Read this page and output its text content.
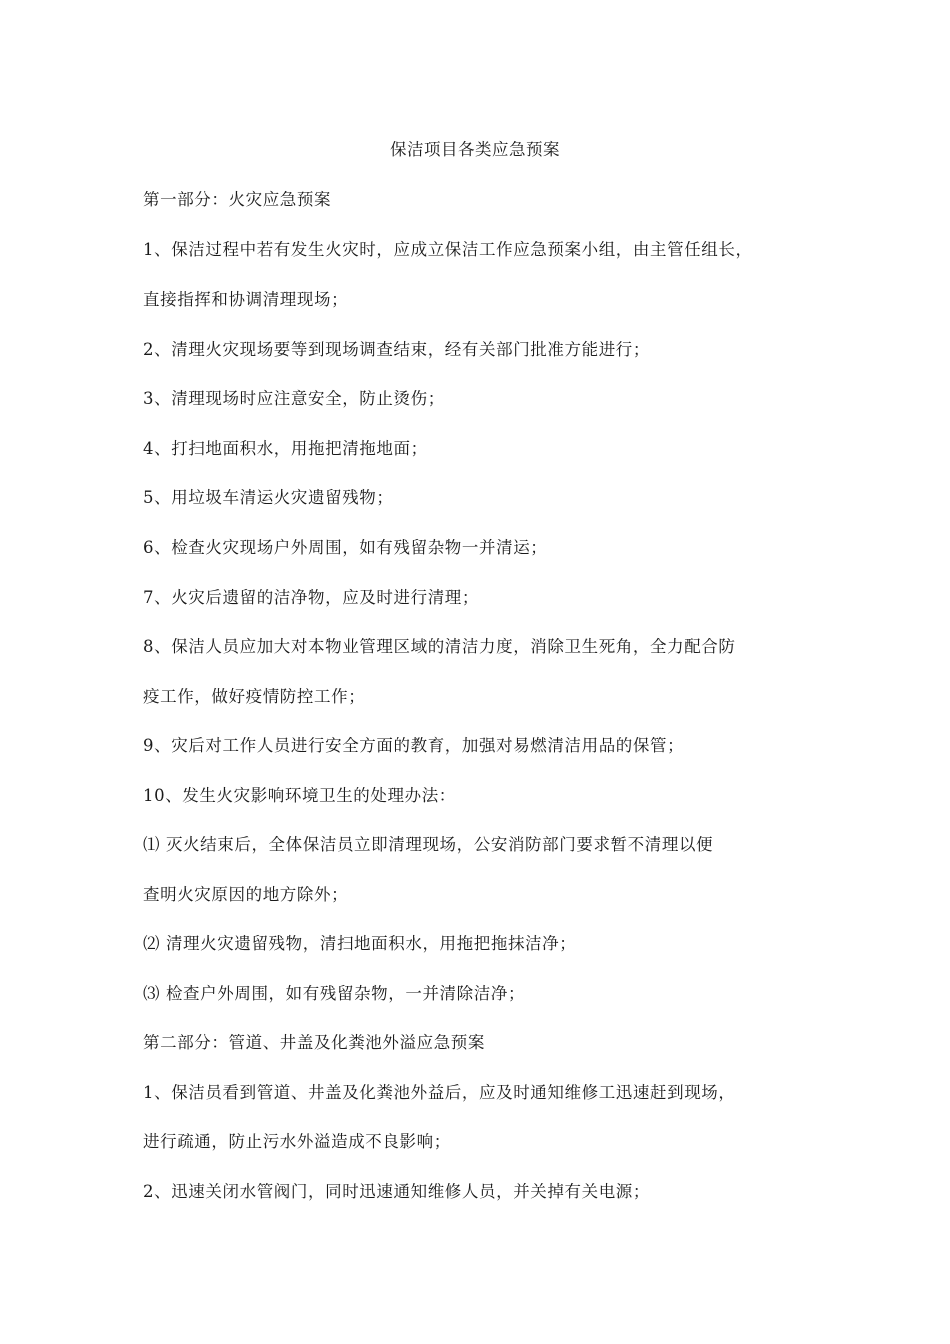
保洁项目各类应急预案
第一部分：火灾应急预案
1、保洁过程中若有发生火灾时，应成立保洁工作应急预案小组，由主管任组长，
直接指挥和协调清理现场；
2、清理火灾现场要等到现场调查结束，经有关部门批准方能进行；
3、清理现场时应注意安全，防止烫伤；
4、打扫地面积水，用拖把清拖地面；
5、用垃圾车清运火灾遗留残物；
6、检查火灾现场户外周围，如有残留杂物一并清运；
7、火灾后遗留的洁净物，应及时进行清理；
8、保洁人员应加大对本物业管理区域的清洁力度，消除卫生死角，全力配合防
疫工作，做好疫情防控工作；
9、灾后对工作人员进行安全方面的教育，加强对易燃清洁用品的保管；
10、发生火灾影响环境卫生的处理办法：
⑴ 灭火结束后，全体保洁员立即清理现场，公安消防部门要求暂不清理以便
查明火灾原因的地方除外；
⑵ 清理火灾遗留残物，清扫地面积水，用拖把拖抹洁净；
⑶ 检查户外周围，如有残留杂物，一并清除洁净；
第二部分：管道、井盖及化粪池外溢应急预案
1、保洁员看到管道、井盖及化粪池外益后，应及时通知维修工迅速赶到现场，
进行疏通，防止污水外溢造成不良影响；
2、迅速关闭水管阀门，同时迅速通知维修人员，并关掉有关电源；
